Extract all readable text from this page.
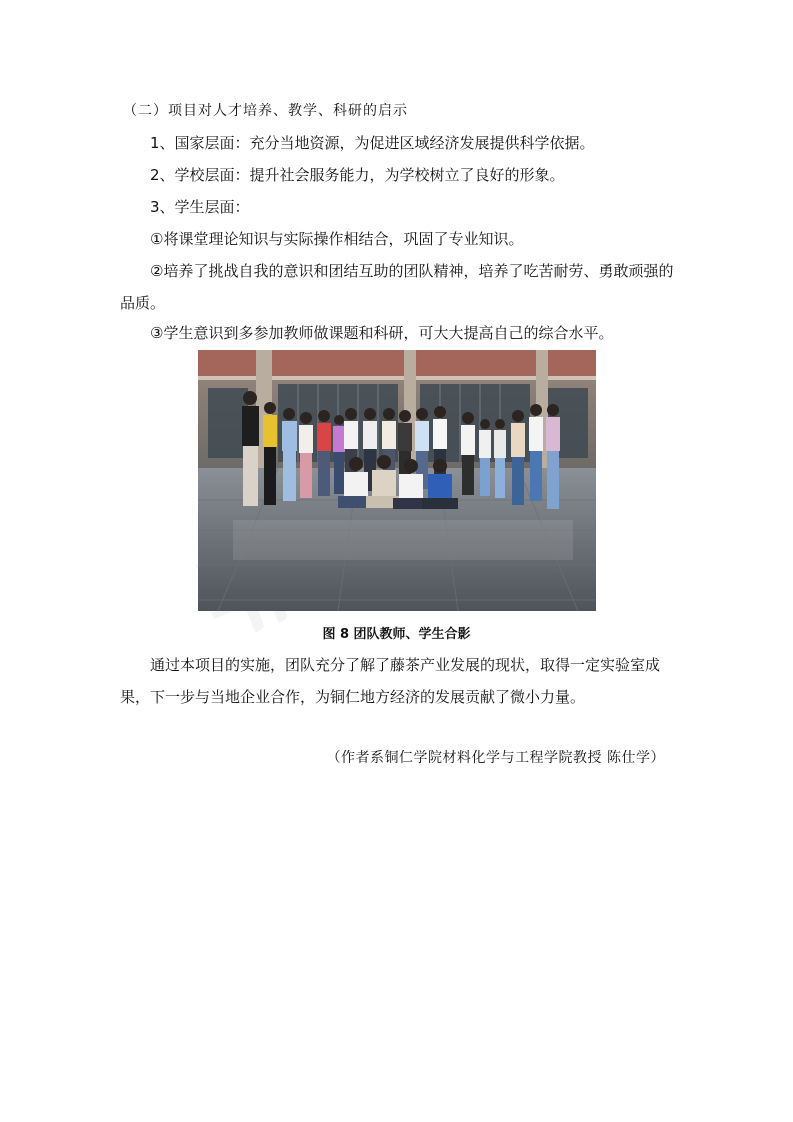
（二）项目对人才培养、教学、科研的启示
1、国家层面：充分当地资源，为促进区域经济发展提供科学依据。
2、学校层面：提升社会服务能力，为学校树立了良好的形象。
3、学生层面：
①将课堂理论知识与实际操作相结合，巩固了专业知识。
②培养了挑战自我的意识和团结互助的团队精神，培养了吃苦耐劳、勇敢顽强的品质。
③学生意识到多参加教师做课题和科研，可大大提高自己的综合水平。
图 8 团队教师、学生合影
通过本项目的实施，团队充分了解了藤茶产业发展的现状，取得一定实验室成果，下一步与当地企业合作，为铜仁地方经济的发展贡献了微小力量。
（作者系铜仁学院材料化学与工程学院教授 陈仕学）
